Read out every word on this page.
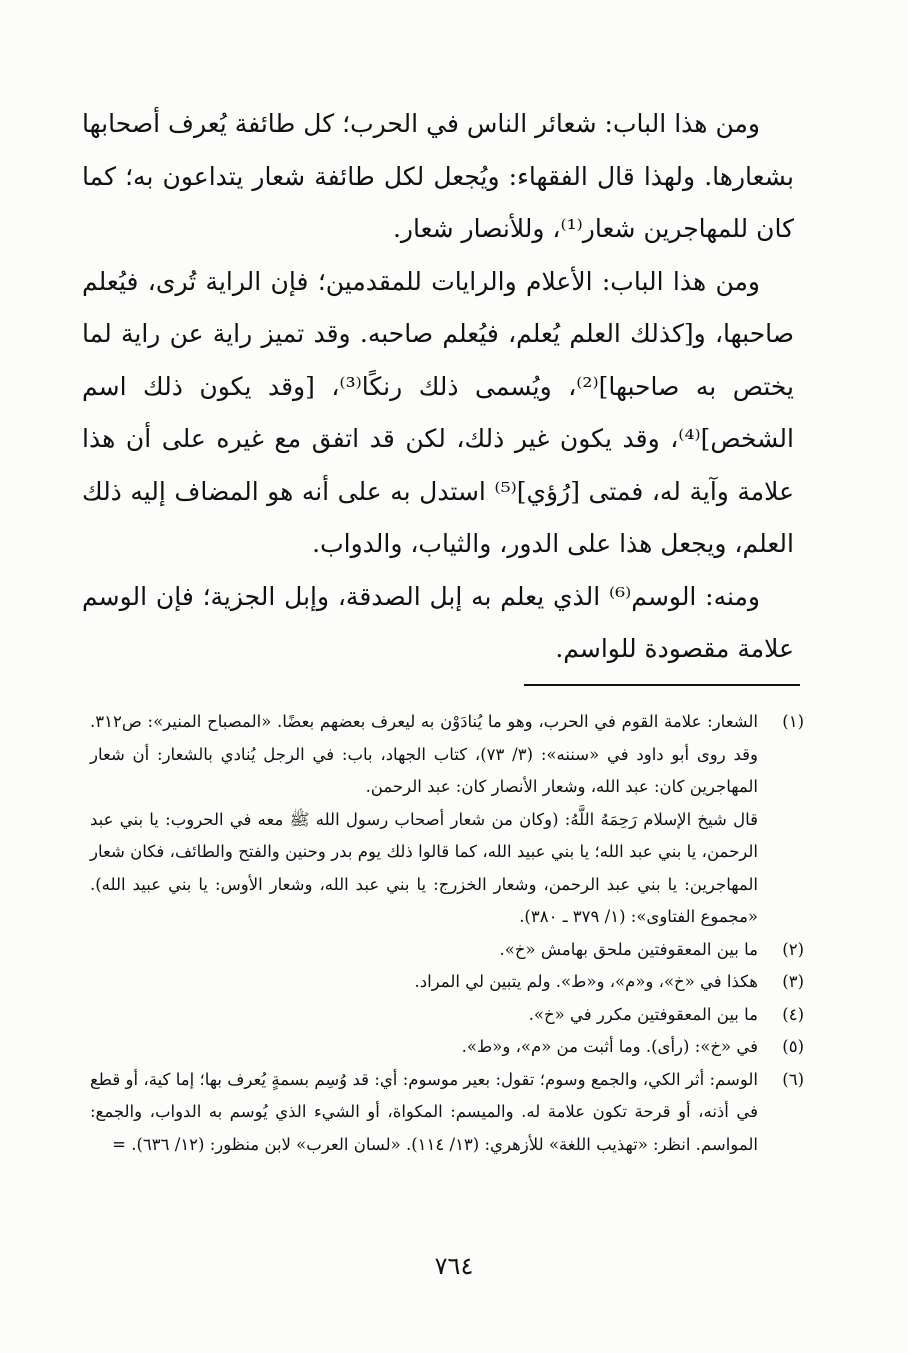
ومن هذا الباب: شعائر الناس في الحرب؛ كل طائفة يُعرف أصحابها بشعارها. ولهذا قال الفقهاء: ويُجعل لكل طائفة شعار يتداعون به؛ كما كان للمهاجرين شعار⁽¹⁾، وللأنصار شعار.

ومن هذا الباب: الأعلام والرايات للمقدمين؛ فإن الراية تُرى، فيُعلم صاحبها، و[كذلك العلم يُعلم، فيُعلم صاحبه. وقد تميز راية عن راية لما يختص به صاحبها]⁽²⁾، ويُسمى ذلك رنكًا⁽³⁾، [وقد يكون ذلك اسم الشخص]⁽⁴⁾، وقد يكون غير ذلك، لكن قد اتفق مع غيره على أن هذا علامة وآية له، فمتى [رُؤي]⁽⁵⁾ استدل به على أنه هو المضاف إليه ذلك العلم، ويجعل هذا على الدور، والثياب، والدواب.

ومنه: الوسم⁽⁶⁾ الذي يعلم به إبل الصدقة، وإبل الجزية؛ فإن الوسم علامة مقصودة للواسم.

(١)

الشعار: علامة القوم في الحرب، وهو ما يُنادَوْن به ليعرف بعضهم بعضًا. «المصباح المنير»: ص٣١٢. وقد روى أبو داود في «سننه»: (٣/ ٧٣)، كتاب الجهاد، باب: في الرجل يُنادي بالشعار: أن شعار المهاجرين كان: عبد الله، وشعار الأنصار كان: عبد الرحمن.

قال شيخ الإسلام رَحِمَهُ اللَّهُ: (وكان من شعار أصحاب رسول الله ﷺ معه في الحروب: يا بني عبد الرحمن، يا بني عبد الله؛ يا بني عبيد الله، كما قالوا ذلك يوم بدر وحنين والفتح والطائف، فكان شعار المهاجرين: يا بني عبد الرحمن، وشعار الخزرج: يا بني عبد الله، وشعار الأوس: يا بني عبيد الله). «مجموع الفتاوى»: (١/ ٣٧٩ ـ ٣٨٠).

(٢)

ما بين المعقوفتين ملحق بهامش «خ».

(٣)

هكذا في «خ»، و«م»، و«ط». ولم يتبين لي المراد.

(٤)

ما بين المعقوفتين مكرر في «خ».

(٥)

في «خ»: (رأى). وما أثبت من «م»، و«ط».

(٦)

الوسم: أثر الكي، والجمع وسوم؛ تقول: بعير موسوم: أي: قد وُسِم بسمةٍ يُعرف بها؛ إما كية، أو قطع في أذنه، أو قرحة تكون علامة له. والميسم: المكواة، أو الشيء الذي يُوسم به الدواب، والجمع: المواسم. انظر: «تهذيب اللغة» للأزهري: (١٣/ ١١٤). «لسان العرب» لابن منظور: (١٢/ ٦٣٦). =

٧٦٤
